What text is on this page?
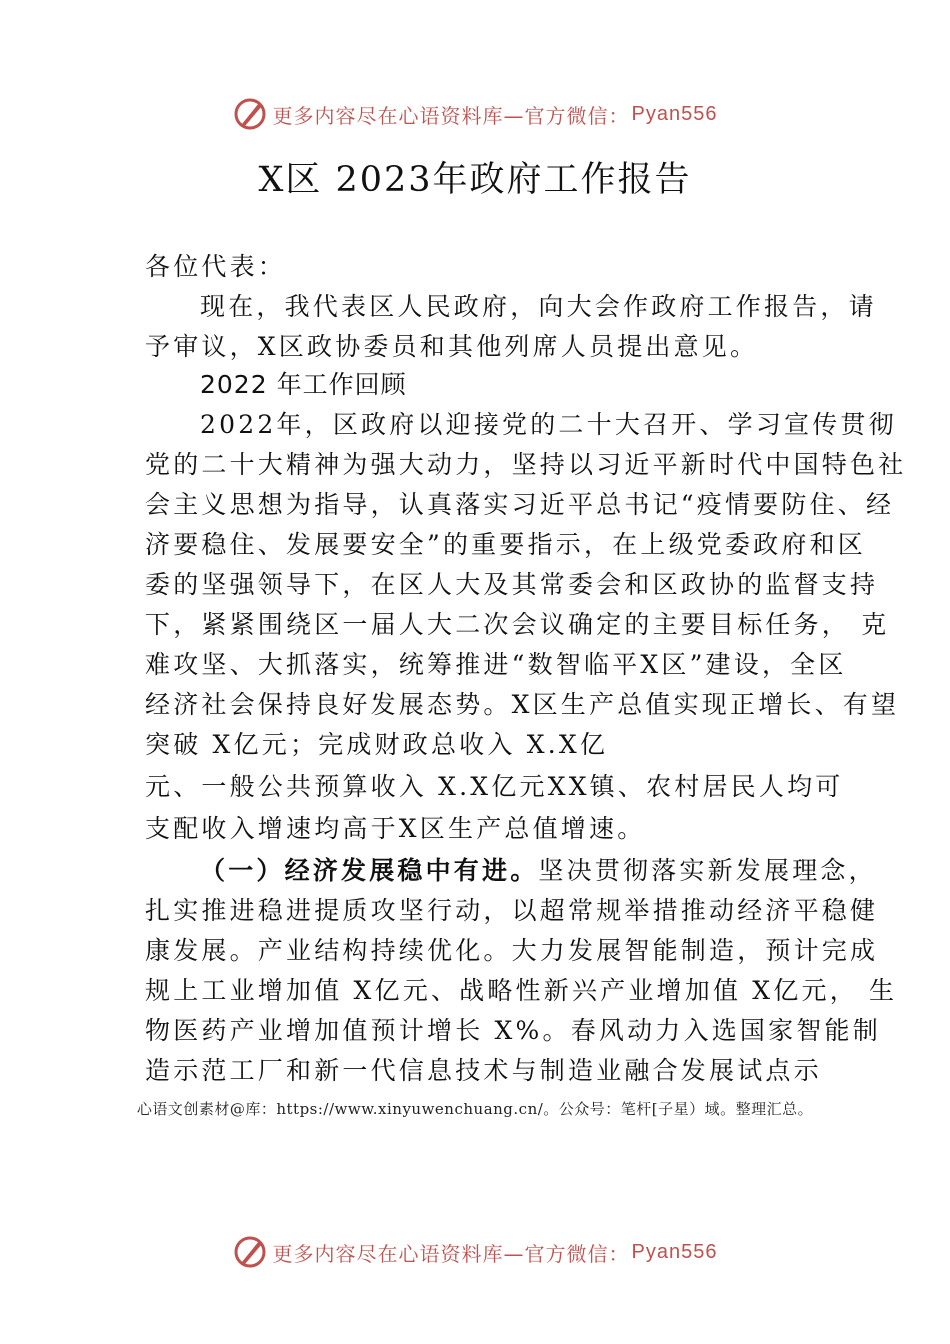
更多内容尽在心语资料库—官方微信： Pyan556
X区 2023年政府工作报告
各位代表：
现在，我代表区人民政府，向大会作政府工作报告，请
予审议，X区政协委员和其他列席人员提出意见。
2022 年工作回顾
2022年，区政府以迎接党的二十大召开、学习宣传贯彻
党的二十大精神为强大动力，坚持以习近平新时代中国特色社
会主义思想为指导，认真落实习近平总书记“疫情要防住、经
济要稳住、发展要安全”的重要指示，在上级党委政府和区
委的坚强领导下，在区人大及其常委会和区政协的监督支持
下，紧紧围绕区一届人大二次会议确定的主要目标任务， 克
难攻坚、大抓落实，统筹推进“数智临平X区”建设，全区
经济社会保持良好发展态势。X区生产总值实现正增长、有望
突破 X亿元；完成财政总收入 X.X亿
元、一般公共预算收入 X.X亿元XX镇、农村居民人均可
支配收入增速均高于X区生产总值增速。
（一）经济发展稳中有进。坚决贯彻落实新发展理念，
扎实推进稳进提质攻坚行动，以超常规举措推动经济平稳健
康发展。产业结构持续优化。大力发展智能制造，预计完成
规上工业增加值 X亿元、战略性新兴产业增加值 X亿元， 生
物医药产业增加值预计增长 X%。春风动力入选国家智能制
造示范工厂和新一代信息技术与制造业融合发展试点示
心语文创素材@库：https://www.xinyuwenchuang.cn/。公众号：笔杆[子星）域。整理汇总。
更多内容尽在心语资料库—官方微信： Pyan556
